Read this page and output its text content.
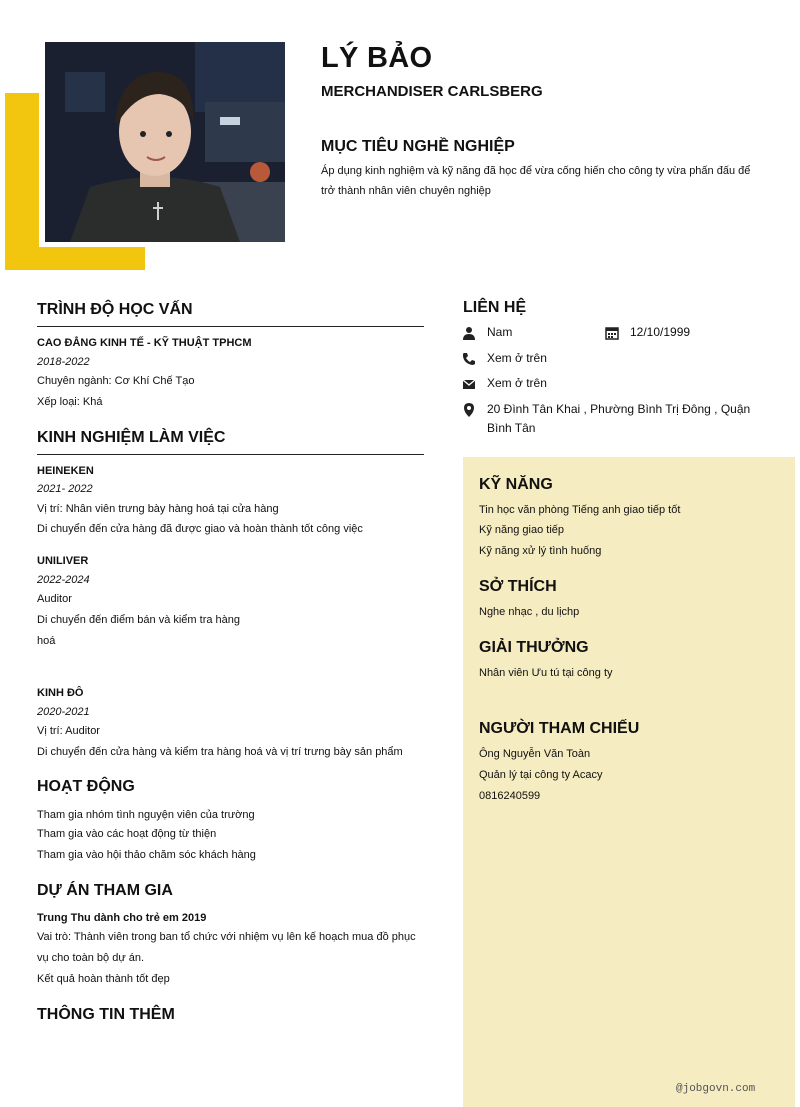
LÝ BẢO
MERCHANDISER CARLSBERG
MỤC TIÊU NGHỀ NGHIỆP
Áp dụng kinh nghiệm và kỹ năng đã học để vừa cống hiến cho công ty vừa phấn đấu để
trở thành nhân viên chuyên nghiệp
TRÌNH ĐỘ HỌC VẤN
CAO ĐẲNG KINH TẾ - KỸ THUẬT TPHCM
2018-2022
Chuyên ngành: Cơ Khí Chế Tạo
Xếp loại: Khá
KINH NGHIỆM LÀM VIỆC
HEINEKEN
2021- 2022
Vị trí: Nhân viên trưng bày hàng hoá tại cửa hàng
Di chuyển đến cửa hàng đã được giao và hoàn thành tốt công việc
UNILIVER
2022-2024
Auditor
Di chuyển đến điểm bán và kiểm tra hàng
hoá
KINH ĐÔ
2020-2021
Vị trí: Auditor
Di chuyển đến cửa hàng và kiểm tra hàng hoá và vị trí trưng bày sản phẩm
HOẠT ĐỘNG
Tham gia nhóm tình nguyện viên của trường
Tham gia vào các hoạt động từ thiện
Tham gia vào hội thảo chăm sóc khách hàng
DỰ ÁN THAM GIA
Trung Thu dành cho trẻ em 2019
Vai trò: Thành viên trong ban tổ chức với nhiệm vụ lên kế hoạch mua đồ phục
vụ cho toàn bộ dự án.
Kết quả hoàn thành tốt đẹp
THÔNG TIN THÊM
LIÊN HỆ
Nam	12/10/1999
Xem ở trên
Xem ở trên
20 Đình Tân Khai , Phường Bình Trị Đông , Quận
Bình Tân
KỸ NĂNG
Tin học văn phòng Tiếng anh giao tiếp tốt
Kỹ năng giao tiếp
Kỹ năng xử lý tình huống
SỞ THÍCH
Nghe nhạc , du lịchp
GIẢI THƯỞNG
Nhân viên Ưu tú tại công ty
NGƯỜI THAM CHIẾU
Ông Nguyễn Văn Toàn
Quản lý tại công ty Acacy
0816240599
@jobgovn.com
